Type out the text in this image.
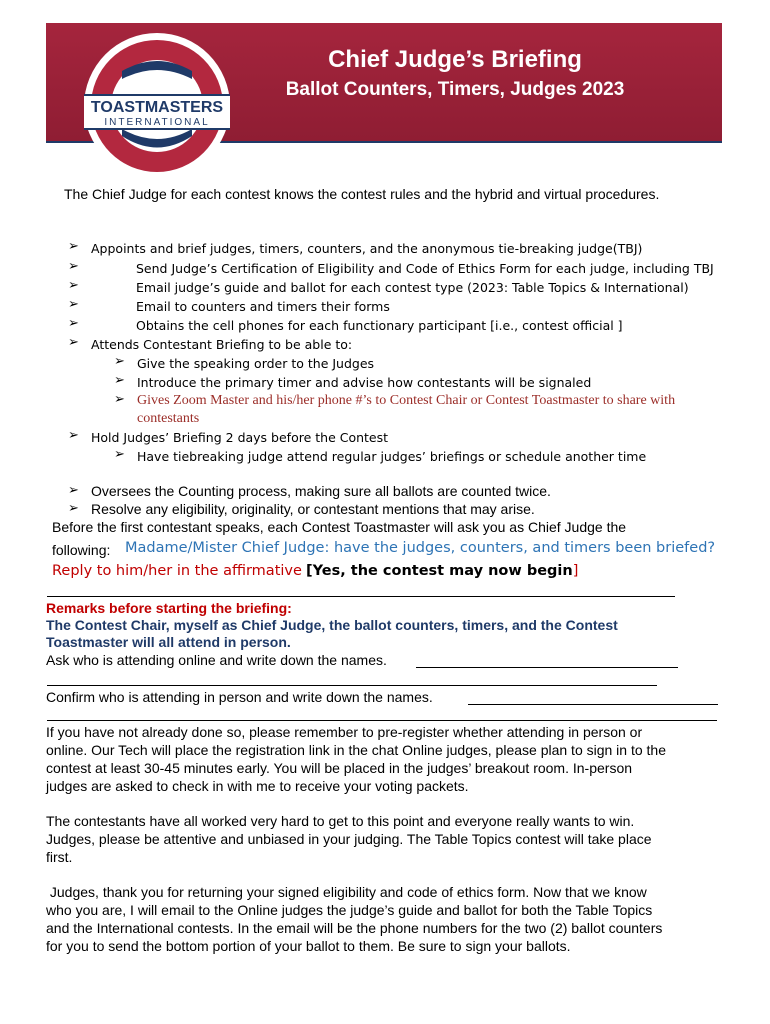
Chief Judge’s Briefing
Ballot Counters, Timers, Judges 2023
TOASTMASTERS
INTERNATIONAL
The Chief Judge for each contest knows the contest rules and the hybrid and virtual procedures.
➢ Appoints and brief judges, timers, counters, and the anonymous tie-breaking judge(TBJ)
➢	Send Judge’s Certification of Eligibility and Code of Ethics Form for each judge, including TBJ
➢	Email judge’s guide and ballot for each contest type (2023: Table Topics & International)
➢	Email to counters and timers their forms
➢	Obtains the cell phones for each functionary participant [i.e., contest official ]
➢ Attends Contestant Briefing to be able to:
➢ Give the speaking order to the Judges
➢ Introduce the primary timer and advise how contestants will be signaled
➢ Gives Zoom Master and his/her phone #’s to Contest Chair or Contest Toastmaster to share with
contestants
➢ Hold Judges’ Briefing 2 days before the Contest
➢ Have tiebreaking judge attend regular judges’ briefings or schedule another time
➢ Oversees the Counting process, making sure all ballots are counted twice.
➢ Resolve any eligibility, originality, or contestant mentions that may arise.
Before the first contestant speaks, each Contest Toastmaster will ask you as Chief Judge the
following: Madame/Mister Chief Judge: have the judges, counters, and timers been briefed?
Reply to him/her in the affirmative [Yes, the contest may now begin]
Remarks before starting the briefing:
The Contest Chair, myself as Chief Judge, the ballot counters, timers, and the Contest
Toastmaster will all attend in person.
Ask who is attending online and write down the names.
Confirm who is attending in person and write down the names.
If you have not already done so, please remember to pre-register whether attending in person or
online. Our Tech will place the registration link in the chat Online judges, please plan to sign in to the
contest at least 30-45 minutes early. You will be placed in the judges’ breakout room. In-person
judges are asked to check in with me to receive your voting packets.
The contestants have all worked very hard to get to this point and everyone really wants to win.
Judges, please be attentive and unbiased in your judging. The Table Topics contest will take place
first.
Judges, thank you for returning your signed eligibility and code of ethics form. Now that we know
who you are, I will email to the Online judges the judge’s guide and ballot for both the Table Topics
and the International contests. In the email will be the phone numbers for the two (2) ballot counters
for you to send the bottom portion of your ballot to them. Be sure to sign your ballots.
